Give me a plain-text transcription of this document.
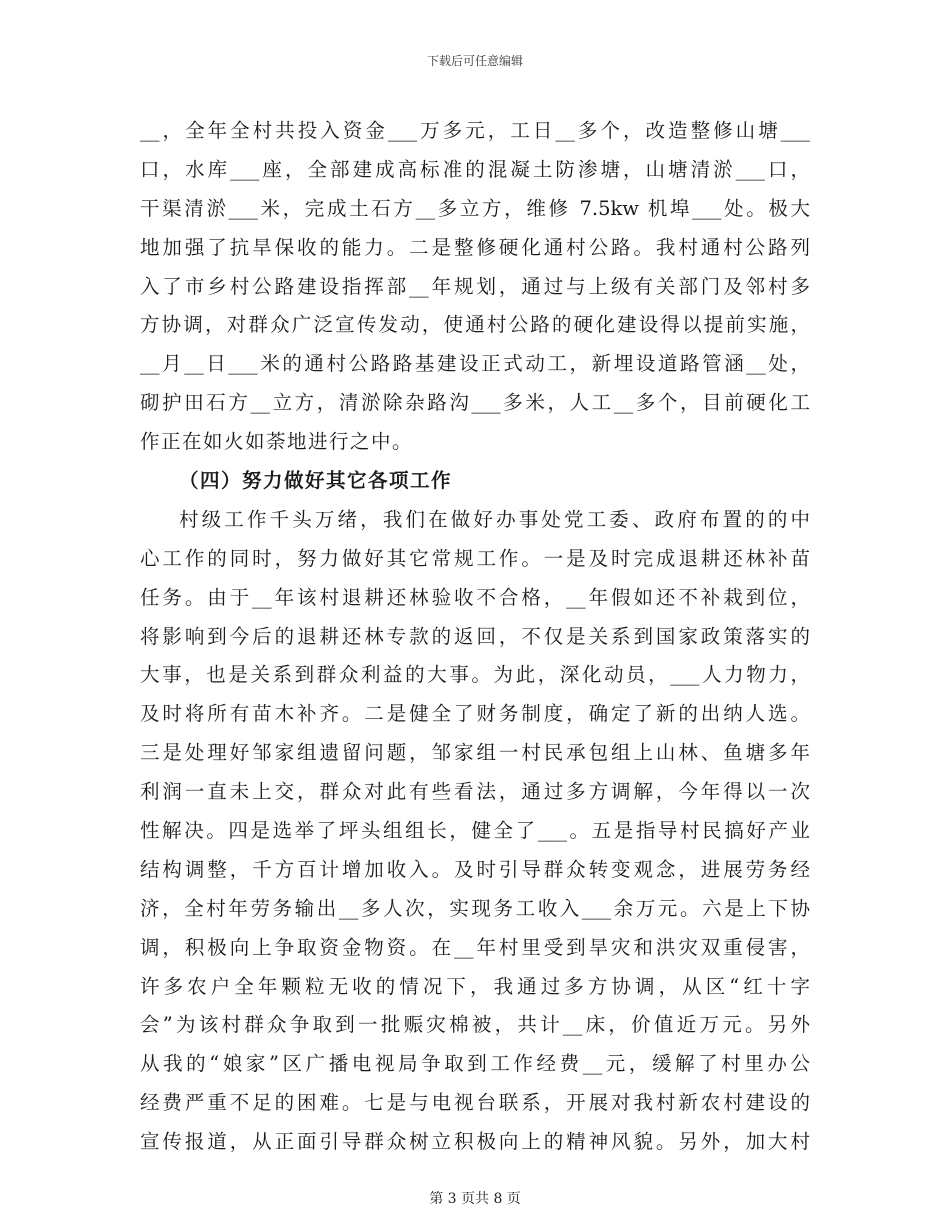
下载后可任意编辑
__，全年全村共投入资金___万多元，工日__多个，改造整修山塘___
口，水库___座，全部建成高标准的混凝土防渗塘，山塘清淤___口，
干渠清淤___米，完成土石方__多立方，维修 7.5kw 机埠___处。极大
地加强了抗旱保收的能力。二是整修硬化通村公路。我村通村公路列
入了市乡村公路建设指挥部__年规划，通过与上级有关部门及邻村多
方协调，对群众广泛宣传发动，使通村公路的硬化建设得以提前实施，
__月__日___米的通村公路路基建设正式动工，新埋设道路管涵__处，
砌护田石方__立方，清淤除杂路沟___多米，人工__多个，目前硬化工
作正在如火如荼地进行之中。
（四）努力做好其它各项工作
村级工作千头万绪，我们在做好办事处党工委、政府布置的的中
心工作的同时，努力做好其它常规工作。一是及时完成退耕还林补苗
任务。由于__年该村退耕还林验收不合格，__年假如还不补栽到位，
将影响到今后的退耕还林专款的返回，不仅是关系到国家政策落实的
大事，也是关系到群众利益的大事。为此，深化动员，___人力物力，
及时将所有苗木补齐。二是健全了财务制度，确定了新的出纳人选。
三是处理好邹家组遗留问题，邹家组一村民承包组上山林、鱼塘多年
利润一直未上交，群众对此有些看法，通过多方调解，今年得以一次
性解决。四是选举了坪头组组长，健全了___。五是指导村民搞好产业
结构调整，千方百计增加收入。及时引导群众转变观念，进展劳务经
济，全村年劳务输出__多人次，实现务工收入___余万元。六是上下协
调，积极向上争取资金物资。在__年村里受到旱灾和洪灾双重侵害，
许多农户全年颗粒无收的情况下，我通过多方协调，从区“红十字
会”为该村群众争取到一批赈灾棉被，共计__床，价值近万元。另外
从我的“娘家”区广播电视局争取到工作经费__元，缓解了村里办公
经费严重不足的困难。七是与电视台联系，开展对我村新农村建设的
宣传报道，从正面引导群众树立积极向上的精神风貌。另外，加大村
第 3 页共 8 页
